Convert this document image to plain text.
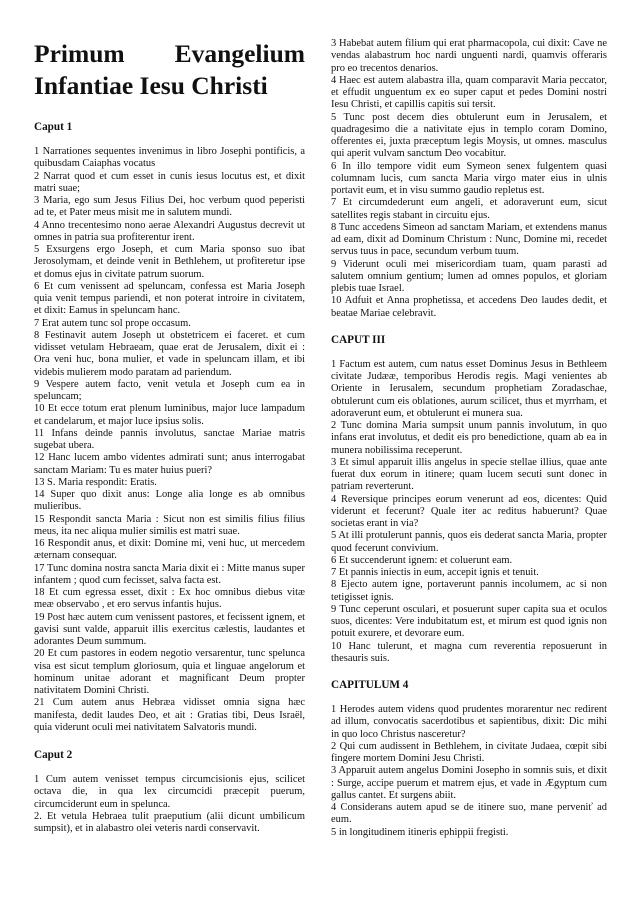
Primum Evangelium
Infantiae Iesu Christi

Caput 1

1 Narrationes sequentes invenimus in libro Josephi pontificis, a quibusdam Caiaphas vocatus

2 Narrat quod et cum esset in cunis iesus locutus est, et dixit matri suae;

3 Maria, ego sum Jesus Filius Dei, hoc verbum quod peperisti ad te, et Pater meus misit me in salutem mundi.

4 Anno trecentesimo nono aerae Alexandri Augustus decrevit ut omnes in patria sua profiterentur irent.

5 Exsurgens ergo Joseph, et cum Maria sponso suo ibat Jerosolymam, et deinde venit in Bethlehem, ut profiteretur ipse et domus ejus in civitate patrum suorum.

6 Et cum venissent ad speluncam, confessa est Maria Joseph quia venit tempus pariendi, et non poterat introire in civitatem, et dixit: Eamus in speluncam hanc.

7 Erat autem tunc sol prope occasum.

8 Festinavit autem Joseph ut obstetricem ei faceret. et cum vidisset vetulam Hebraeam, quae erat de Jerusalem, dixit ei : Ora veni huc, bona mulier, et vade in speluncam illam, et ibi videbis mulierem modo paratam ad pariendum.

9 Vespere autem facto, venit vetula et Joseph cum ea in speluncam;

10 Et ecce totum erat plenum luminibus, major luce lampadum et candelarum, et major luce ipsius solis.

11 Infans deinde pannis involutus, sanctae Mariae matris sugebat ubera.

12 Hanc lucem ambo videntes admirati sunt; anus interrogabat sanctam Mariam: Tu es mater huius pueri?

13 S. Maria respondit: Eratis.

14 Super quo dixit anus: Longe alia longe es ab omnibus mulieribus.

15 Respondit sancta Maria : Sicut non est similis filius filius meus, ita nec aliqua mulier similis est matri suae.

16 Respondit anus, et dixit: Domine mi, veni huc, ut mercedem æternam consequar.

17 Tunc domina nostra sancta Maria dixit ei : Mitte manus super infantem ; quod cum fecisset, salva facta est.

18 Et cum egressa esset, dixit : Ex hoc omnibus diebus vitæ meæ observabo , et ero servus infantis hujus.

19 Post hæc autem cum venissent pastores, et fecissent ignem, et gavisi sunt valde, apparuit illis exercitus cælestis, laudantes et adorantes Deum summum.

20 Et cum pastores in eodem negotio versarentur, tunc spelunca visa est sicut templum gloriosum, quia et linguae angelorum et hominum unitae adorant et magnificant Deum propter nativitatem Domini Christi.

21 Cum autem anus Hebræa vidisset omnia signa hæc manifesta, dedit laudes Deo, et ait : Gratias tibi, Deus Israël, quia viderunt oculi mei nativitatem Salvatoris mundi.

Caput 2

1 Cum autem venisset tempus circumcisionis ejus, scilicet octava die, in qua lex circumcidi præcepit puerum, circumciderunt eum in spelunca.

2. Et vetula Hebraea tulit praeputium (alii dicunt umbilicum sumpsit), et in alabastro olei veteris nardi conservavit.

3 Habebat autem filium qui erat pharmacopola, cui dixit: Cave ne vendas alabastrum hoc nardi unguenti nardi, quamvis offeraris pro eo trecentos denarios.

4 Haec est autem alabastra illa, quam comparavit Maria peccator, et effudit unguentum ex eo super caput et pedes Domini nostri Iesu Christi, et capillis capitis sui tersit.

5 Tunc post decem dies obtulerunt eum in Jerusalem, et quadragesimo die a nativitate ejus in templo coram Domino, offerentes ei, juxta præceptum legis Moysis, ut omnes. masculus qui aperit vulvam sanctum Deo vocabitur.

6 In illo tempore vidit eum Symeon senex fulgentem quasi columnam lucis, cum sancta Maria virgo mater eius in ulnis portavit eum, et in visu summo gaudio repletus est.

7 Et circumdederunt eum angeli, et adoraverunt eum, sicut satellites regis stabant in circuitu ejus.

8 Tunc accedens Simeon ad sanctam Mariam, et extendens manus ad eam, dixit ad Dominum Christum : Nunc, Domine mi, recedet servus tuus in pace, secundum verbum tuum.

9 Viderunt oculi mei misericordiam tuam, quam parasti ad salutem omnium gentium; lumen ad omnes populos, et gloriam plebis tuae Israel.

10 Adfuit et Anna prophetissa, et accedens Deo laudes dedit, et beatae Mariae celebravit.

CAPUT III

1 Factum est autem, cum natus esset Dominus Jesus in Bethleem civitate Judææ, temporibus Herodis regis. Magi venientes ab Oriente in Ierusalem, secundum prophetiam Zoradaschae, obtulerunt cum eis oblationes, aurum scilicet, thus et myrrham, et adoraverunt eum, et obtulerunt ei munera sua.

2 Tunc domina Maria sumpsit unum pannis involutum, in quo infans erat involutus, et dedit eis pro benedictione, quam ab ea in munera nobilissima receperunt.

3 Et simul apparuit illis angelus in specie stellae illius, quae ante fuerat dux eorum in itinere; quam lucem secuti sunt donec in patriam reverterunt.

4 Reversique principes eorum venerunt ad eos, dicentes: Quid viderunt et fecerunt? Quale iter ac reditus habuerunt? Quae societas erant in via?

5 At illi protulerunt pannis, quos eis dederat sancta Maria, propter quod fecerunt convivium.

6 Et succenderunt ignem: et coluerunt eam.

7 Et pannis iniectis in eum, accepit ignis et tenuit.

8 Ejecto autem igne, portaverunt pannis incolumem, ac si non tetigisset ignis.

9 Tunc ceperunt osculari, et posuerunt super capita sua et oculos suos, dicentes: Vere indubitatum est, et mirum est quod ignis non potuit exurere, et devorare eum.

10 Hanc tulerunt, et magna cum reverentia reposuerunt in thesauris suis.

CAPITULUM 4

1 Herodes autem videns quod prudentes morarentur nec redirent ad illum, convocatis sacerdotibus et sapientibus, dixit: Dic mihi in quo loco Christus nasceretur?

2 Qui cum audissent in Bethlehem, in civitate Judaea, cœpit sibi fingere mortem Domini Jesu Christi.

3 Apparuit autem angelus Domini Josepho in somnis suis, et dixit : Surge, accipe puerum et matrem ejus, et vade in Ægyptum cum gallus cantet. Et surgens abiit.

4 Considerans autem apud se de itinere suo, mane perveniť ad eum.

5 in longitudinem itineris ephippii fregisti.
